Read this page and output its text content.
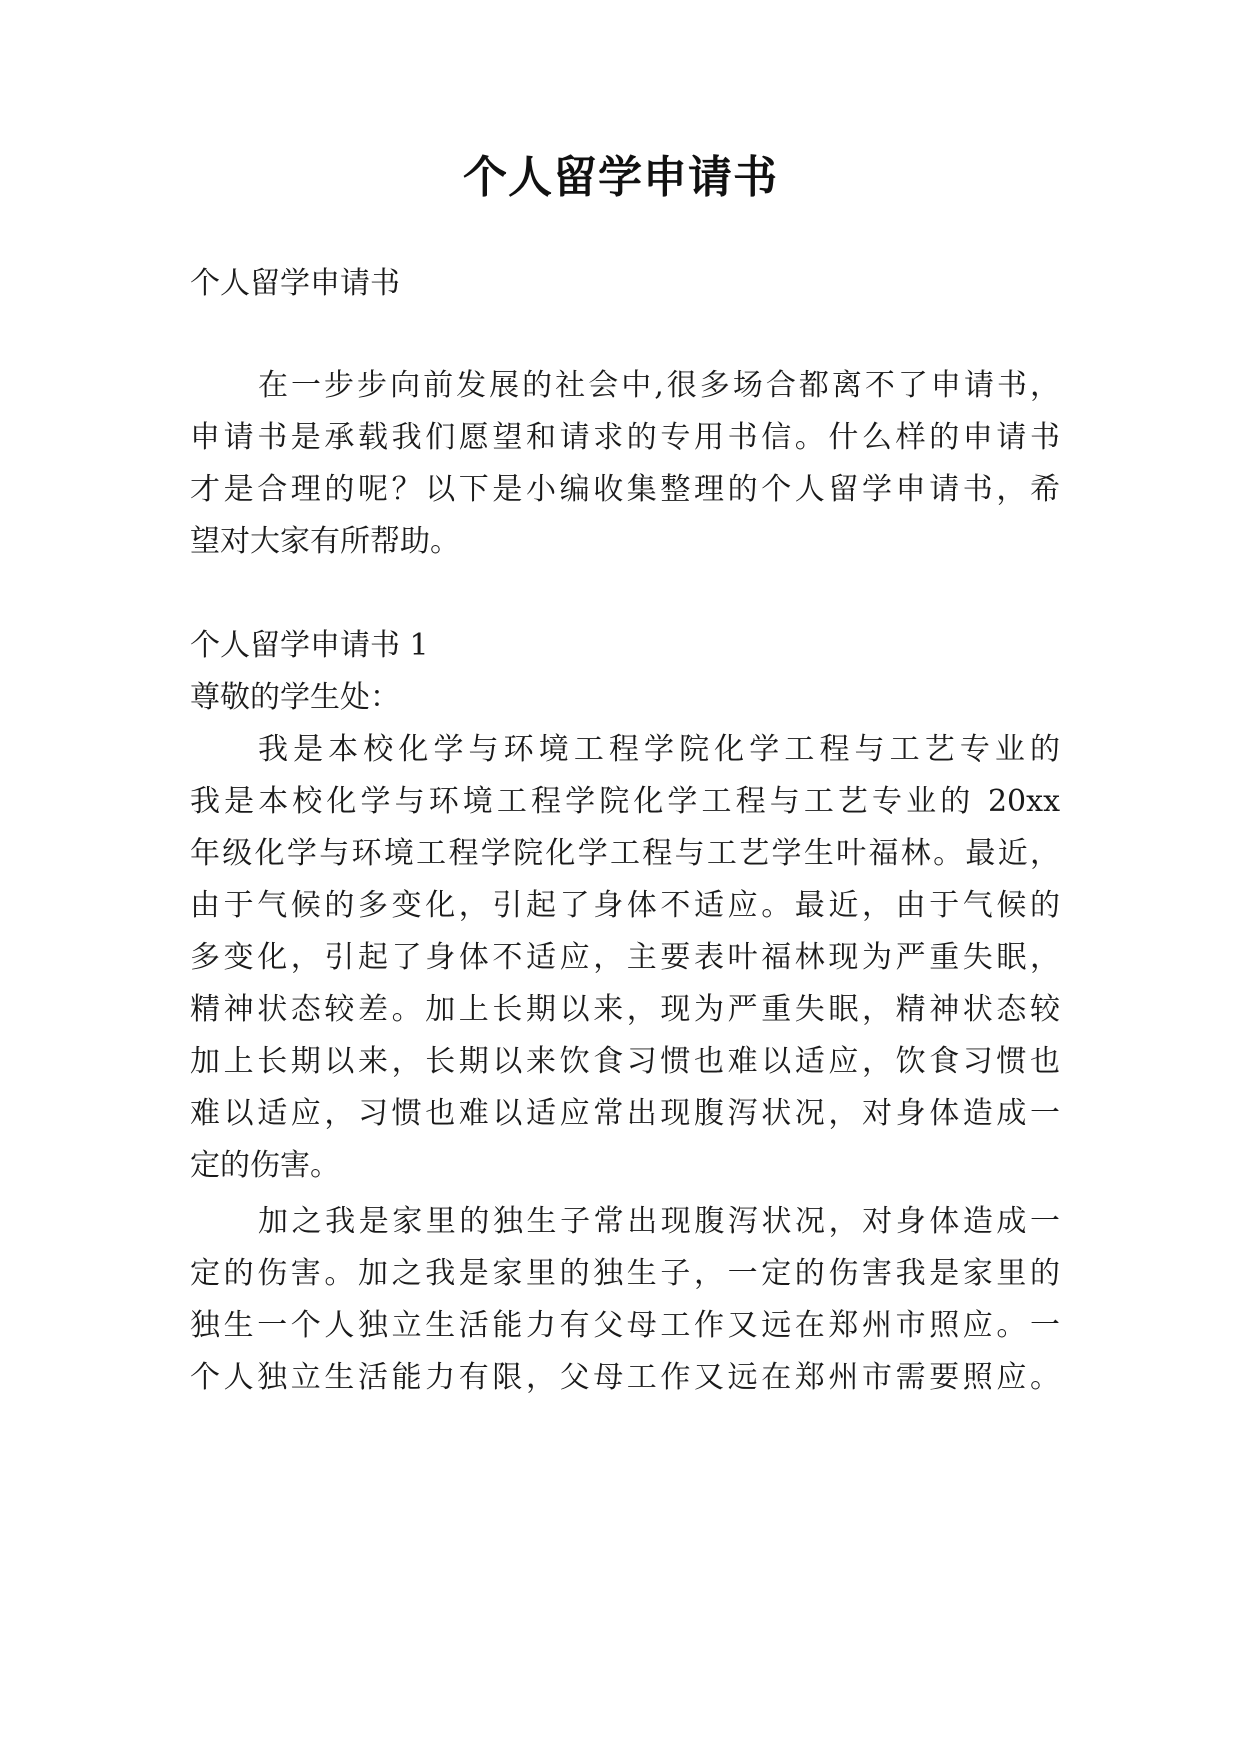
个人留学申请书
个人留学申请书
在一步步向前发展的社会中,很多场合都离不了申请书，
申请书是承载我们愿望和请求的专用书信。什么样的申请书
才是合理的呢？以下是小编收集整理的个人留学申请书，希
望对大家有所帮助。
个人留学申请书 1
尊敬的学生处：
我是本校化学与环境工程学院化学工程与工艺专业的
我是本校化学与环境工程学院化学工程与工艺专业的 20xx
年级化学与环境工程学院化学工程与工艺学生叶福林。最近，
由于气候的多变化，引起了身体不适应。最近，由于气候的
多变化，引起了身体不适应，主要表叶福林现为严重失眠，
精神状态较差。加上长期以来，现为严重失眠，精神状态较
加上长期以来，长期以来饮食习惯也难以适应，饮食习惯也
难以适应，习惯也难以适应常出现腹泻状况，对身体造成一
定的伤害。
加之我是家里的独生子常出现腹泻状况，对身体造成一
定的伤害。加之我是家里的独生子，一定的伤害我是家里的
独生一个人独立生活能力有父母工作又远在郑州市照应。一
个人独立生活能力有限，父母工作又远在郑州市需要照应。
